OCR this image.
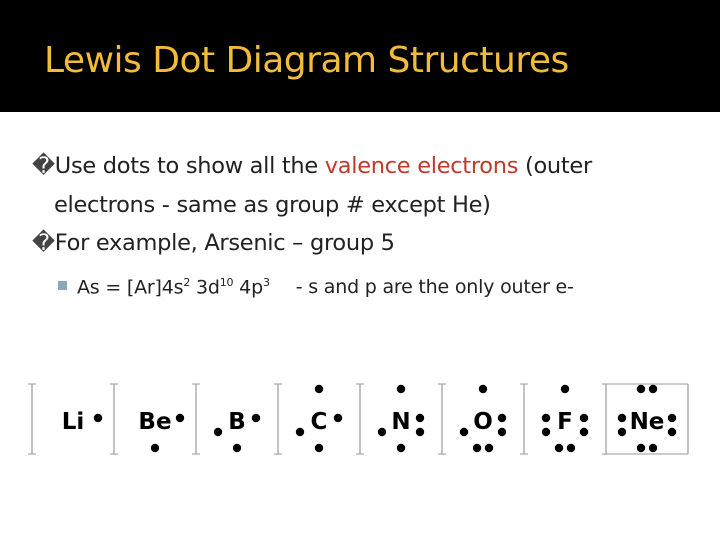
Lewis Dot Diagram Structures
�Use dots to show all the valence electrons (outer
electrons - same as group # except He)
�For example, Arsenic – group 5
$As = [Ar]4s^2$ $3d^{10}$ $4p^3$ - s and p are the only outer e-
Li Be B	C	N	O	F Ne
